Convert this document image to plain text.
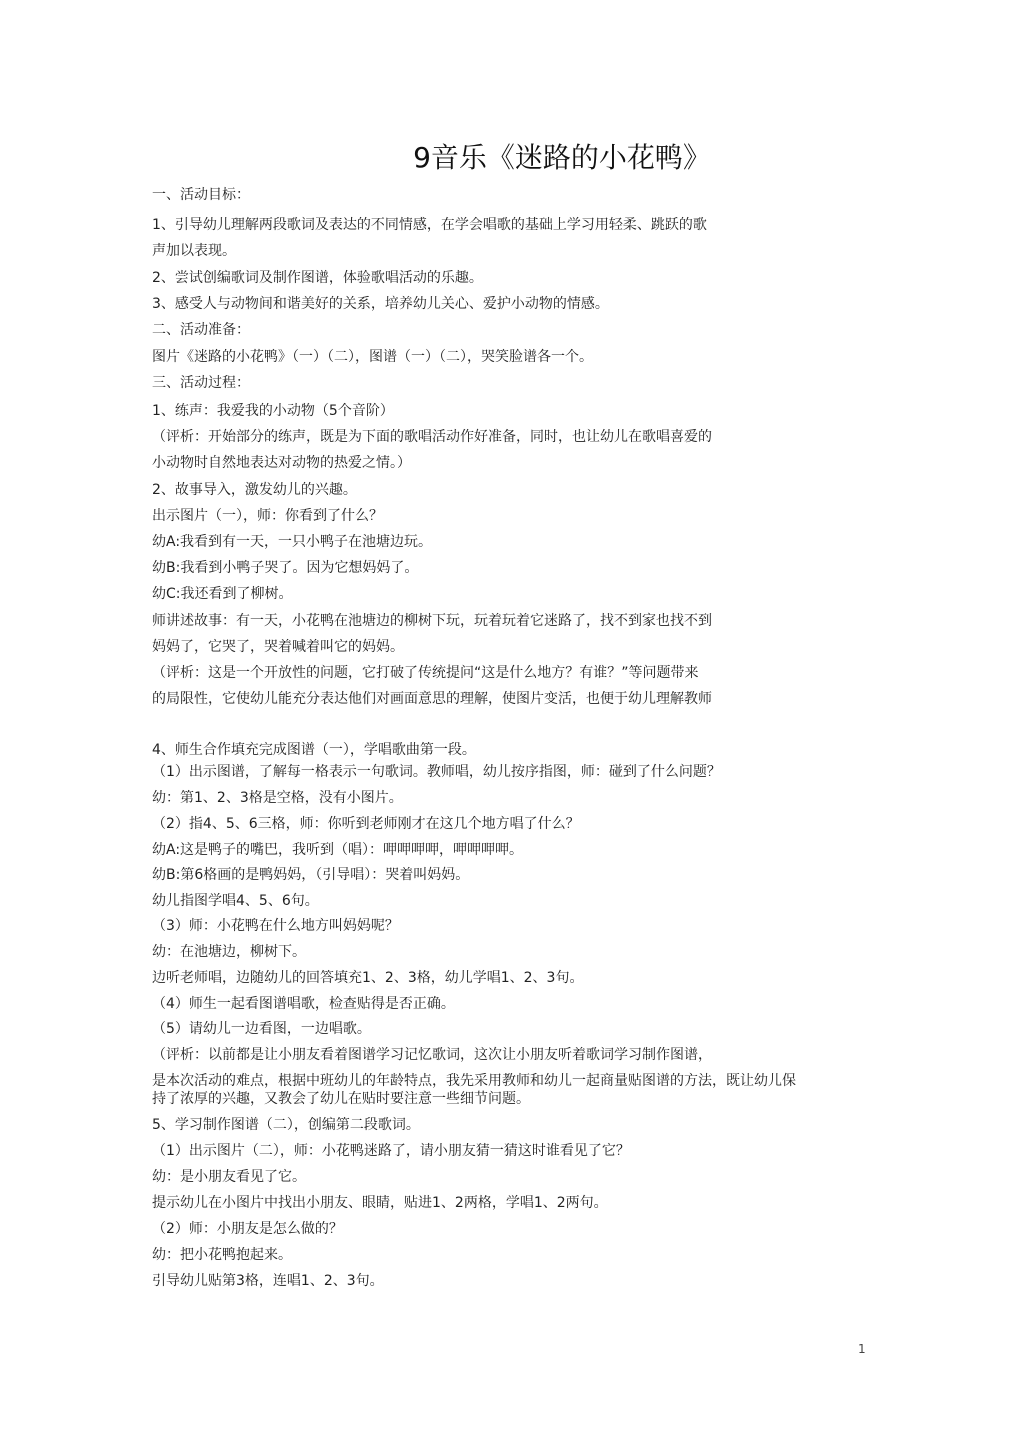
9音乐《迷路的小花鸭》
一、活动目标：
1、引导幼儿理解两段歌词及表达的不同情感，在学会唱歌的基础上学习用轻柔、跳跃的歌
声加以表现。
2、尝试创编歌词及制作图谱，体验歌唱活动的乐趣。
3、感受人与动物间和谐美好的关系，培养幼儿关心、爱护小动物的情感。
二、活动准备：
图片《迷路的小花鸭》（一）（二），图谱（一）（二），哭笑脸谱各一个。
三、活动过程：
1、练声：我爱我的小动物（5个音阶）
（评析：开始部分的练声，既是为下面的歌唱活动作好准备，同时，也让幼儿在歌唱喜爱的
小动物时自然地表达对动物的热爱之情。）
2、故事导入，激发幼儿的兴趣。
出示图片（一），师：你看到了什么？
幼A:我看到有一天，一只小鸭子在池塘边玩。
幼B:我看到小鸭子哭了。因为它想妈妈了。
幼C:我还看到了柳树。
师讲述故事：有一天，小花鸭在池塘边的柳树下玩，玩着玩着它迷路了，找不到家也找不到
妈妈了，它哭了，哭着喊着叫它的妈妈。
（评析：这是一个开放性的问题，它打破了传统提问“这是什么地方？有谁？”等问题带来
的局限性，它使幼儿能充分表达他们对画面意思的理解，使图片变活，也便于幼儿理解教师
4、师生合作填充完成图谱（一），学唱歌曲第一段。
（1）出示图谱，了解每一格表示一句歌词。教师唱，幼儿按序指图，师：碰到了什么问题？
幼：第1、2、3格是空格，没有小图片。
（2）指4、5、6三格，师：你听到老师刚才在这几个地方唱了什么？
幼A:这是鸭子的嘴巴，我听到（唱）：呷呷呷呷，呷呷呷呷。
幼B:第6格画的是鸭妈妈，（引导唱）：哭着叫妈妈。
幼儿指图学唱4、5、6句。
（3）师：小花鸭在什么地方叫妈妈呢？
幼：在池塘边，柳树下。
边听老师唱，边随幼儿的回答填充1、2、3格，幼儿学唱1、2、3句。
（4）师生一起看图谱唱歌，检查贴得是否正确。
（5）请幼儿一边看图，一边唱歌。
（评析：以前都是让小朋友看着图谱学习记忆歌词，这次让小朋友听着歌词学习制作图谱，
是本次活动的难点，根据中班幼儿的年龄特点，我先采用教师和幼儿一起商量贴图谱的方法，既让幼儿保
持了浓厚的兴趣，又教会了幼儿在贴时要注意一些细节问题。
5、学习制作图谱（二），创编第二段歌词。
（1）出示图片（二），师：小花鸭迷路了，请小朋友猜一猜这时谁看见了它？
幼：是小朋友看见了它。
提示幼儿在小图片中找出小朋友、眼睛，贴进1、2两格，学唱1、2两句。
（2）师：小朋友是怎么做的？
幼：把小花鸭抱起来。
引导幼儿贴第3格，连唱1、2、3句。
1
